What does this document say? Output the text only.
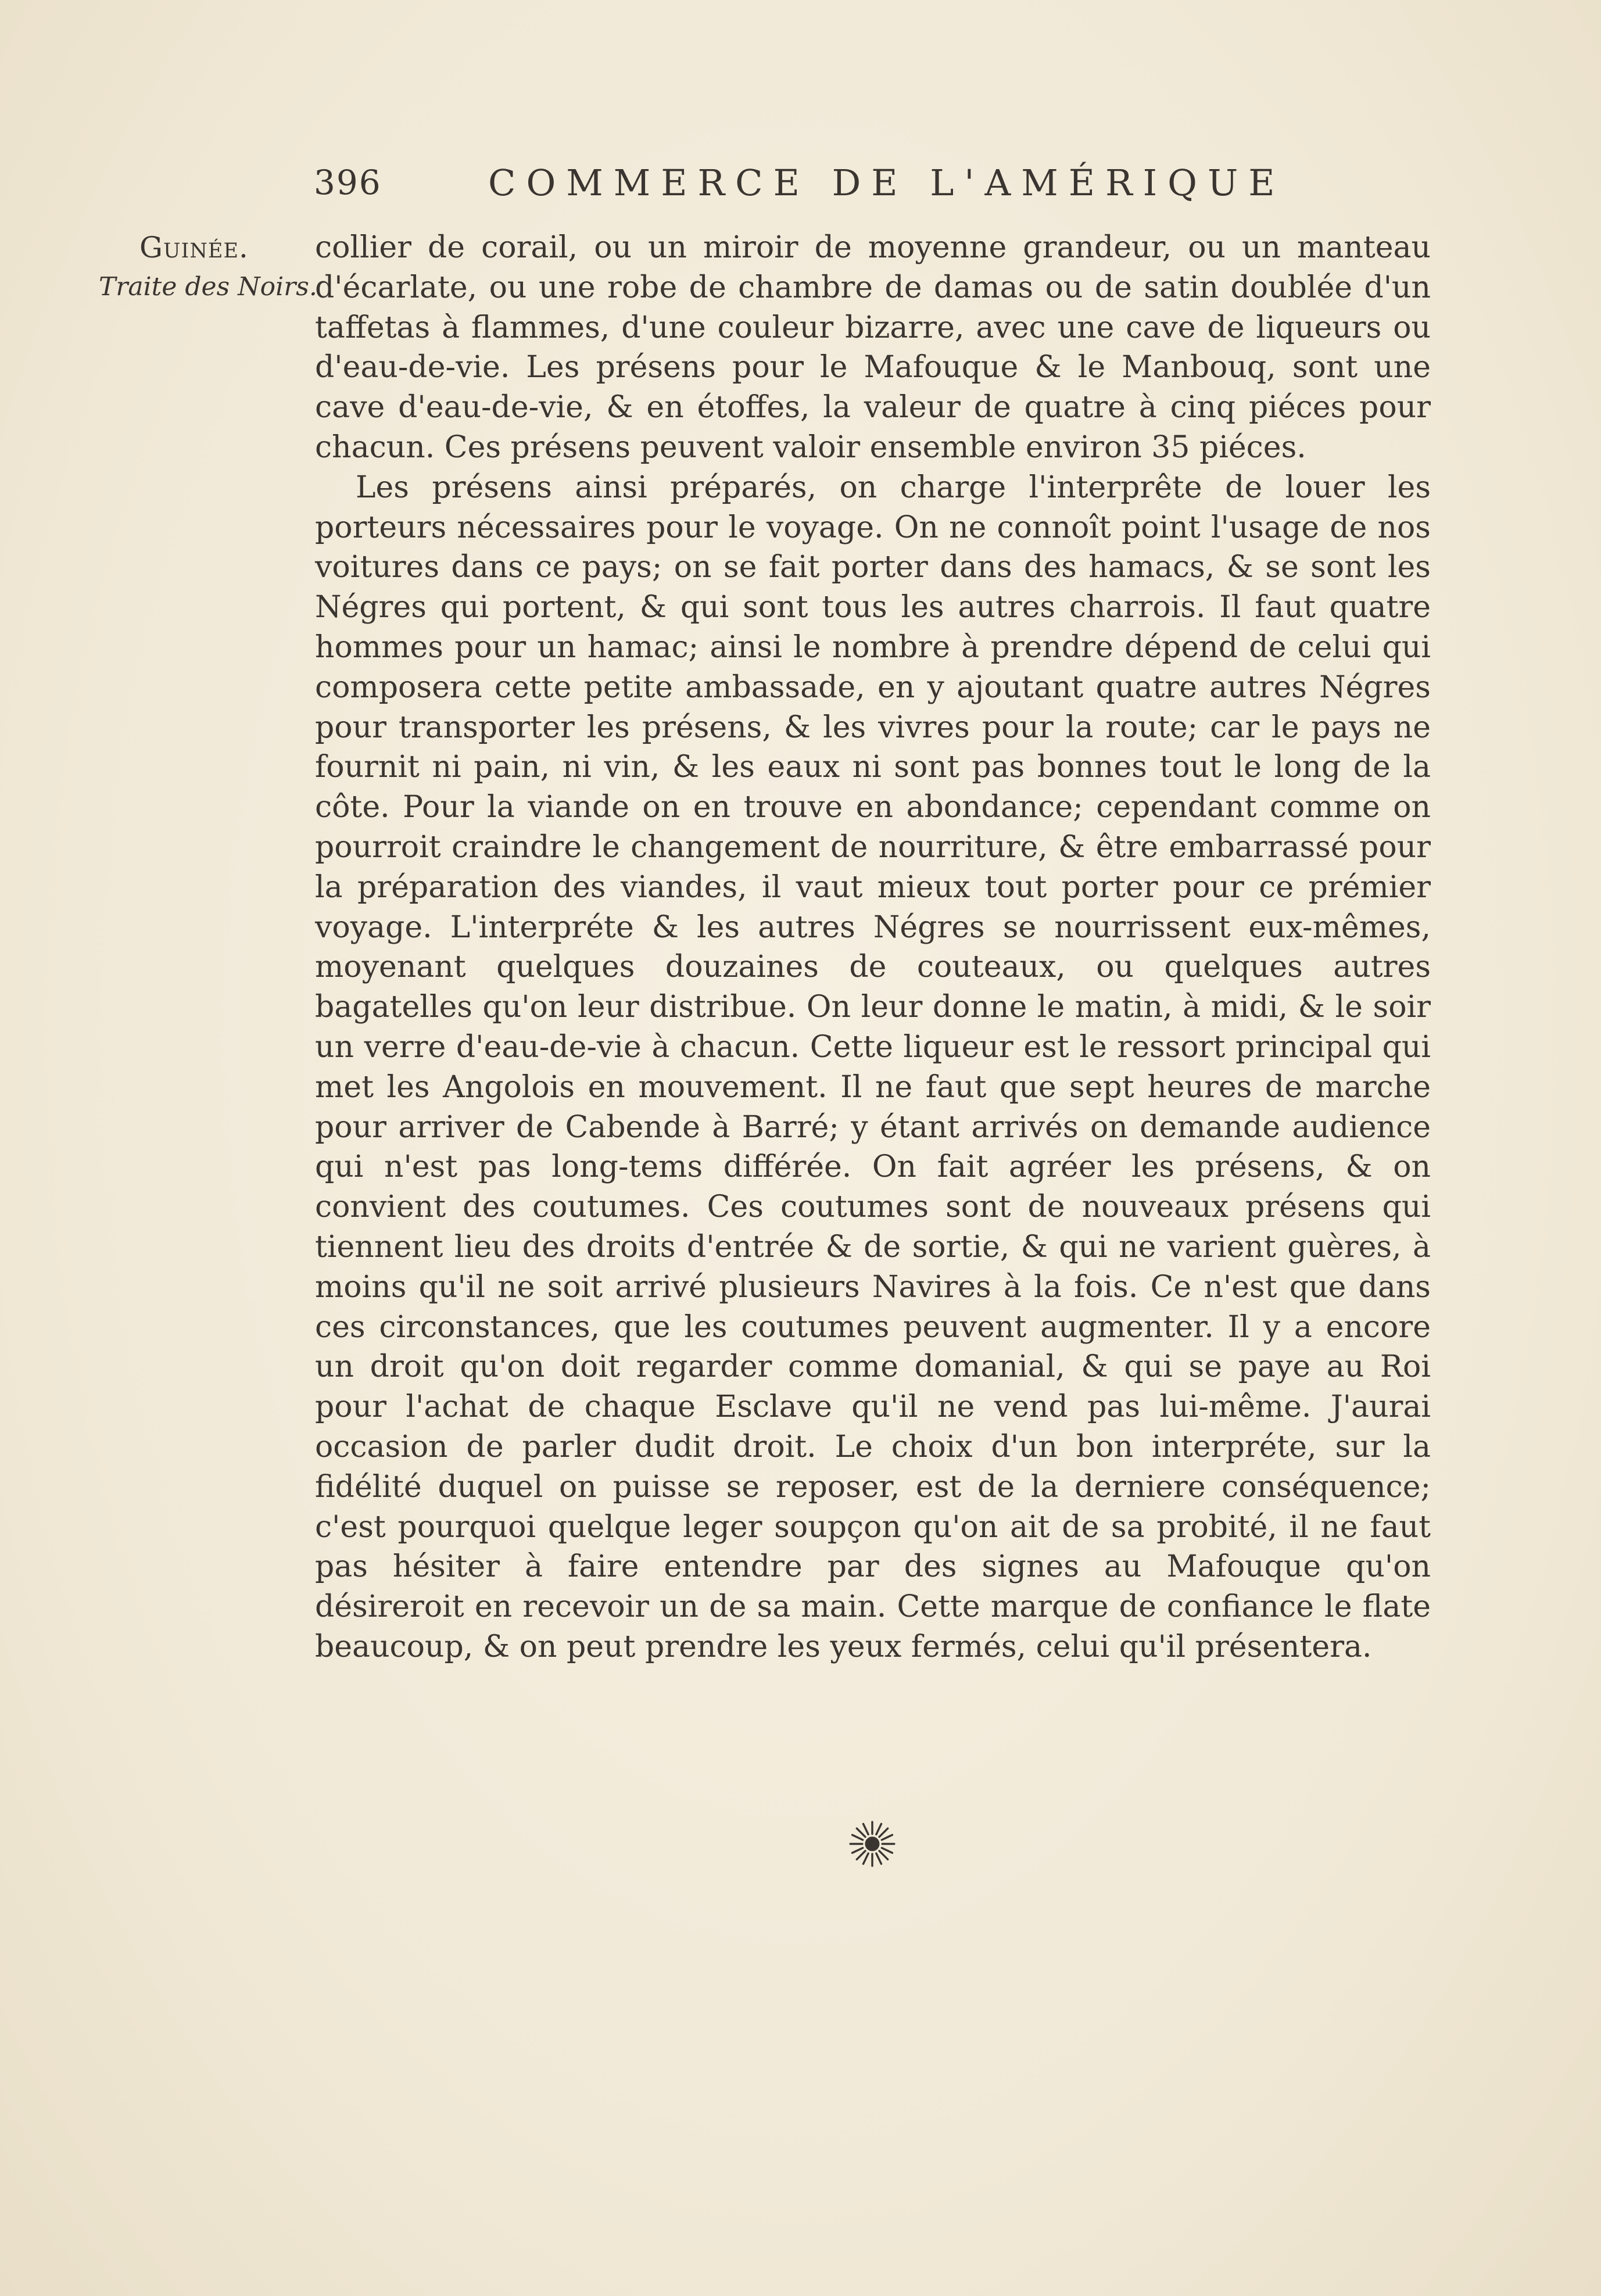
396	COMMERCE DE L'AMÉRIQUE
Guinée.
Traite des Noirs.

collier de corail, ou un miroir de moyenne grandeur, ou un manteau d'écarlate, ou une robe de chambre de damas ou de satin doublée d'un taffetas à flammes, d'une couleur bizarre, avec une cave de liqueurs ou d'eau-de-vie. Les présens pour le Mafouque & le Manbouq, sont une cave d'eau-de-vie, & en étoffes, la valeur de quatre à cinq piéces pour chacun. Ces présens peuvent valoir ensemble environ 35 piéces.

Les présens ainsi préparés, on charge l'interprête de louer les porteurs nécessaires pour le voyage. On ne connoît point l'usage de nos voitures dans ce pays; on se fait porter dans des hamacs, & se sont les Négres qui portent, & qui sont tous les autres charrois. Il faut quatre hommes pour un hamac; ainsi le nombre à prendre dépend de celui qui composera cette petite ambassade, en y ajoutant quatre autres Négres pour transporter les présens, & les vivres pour la route; car le pays ne fournit ni pain, ni vin, & les eaux ni sont pas bonnes tout le long de la côte. Pour la viande on en trouve en abondance; cependant comme on pourroit craindre le changement de nourriture, & être embarrassé pour la préparation des viandes, il vaut mieux tout porter pour ce prémier voyage. L'interpréte & les autres Négres se nourrissent eux-mêmes, moyenant quelques douzaines de couteaux, ou quelques autres bagatelles qu'on leur distribue. On leur donne le matin, à midi, & le soir un verre d'eau-de-vie à chacun. Cette liqueur est le ressort principal qui met les Angolois en mouvement. Il ne faut que sept heures de marche pour arriver de Cabende à Barré; y étant arrivés on demande audience qui n'est pas long-tems différée. On fait agréer les présens, & on convient des coutumes. Ces coutumes sont de nouveaux présens qui tiennent lieu des droits d'entrée & de sortie, & qui ne varient guères, à moins qu'il ne soit arrivé plusieurs Navires à la fois. Ce n'est que dans ces circonstances, que les coutumes peuvent augmenter. Il y a encore un droit qu'on doit regarder comme domanial, & qui se paye au Roi pour l'achat de chaque Esclave qu'il ne vend pas lui-même. J'aurai occasion de parler dudit droit. Le choix d'un bon interpréte, sur la fidélité duquel on puisse se reposer, est de la derniere conséquence; c'est pourquoi quelque leger soupçon qu'on ait de sa probité, il ne faut pas hésiter à faire entendre par des signes au Mafouque qu'on désireroit en recevoir un de sa main. Cette marque de confiance le flate beaucoup, & on peut prendre les yeux fermés, celui qu'il présentera.
